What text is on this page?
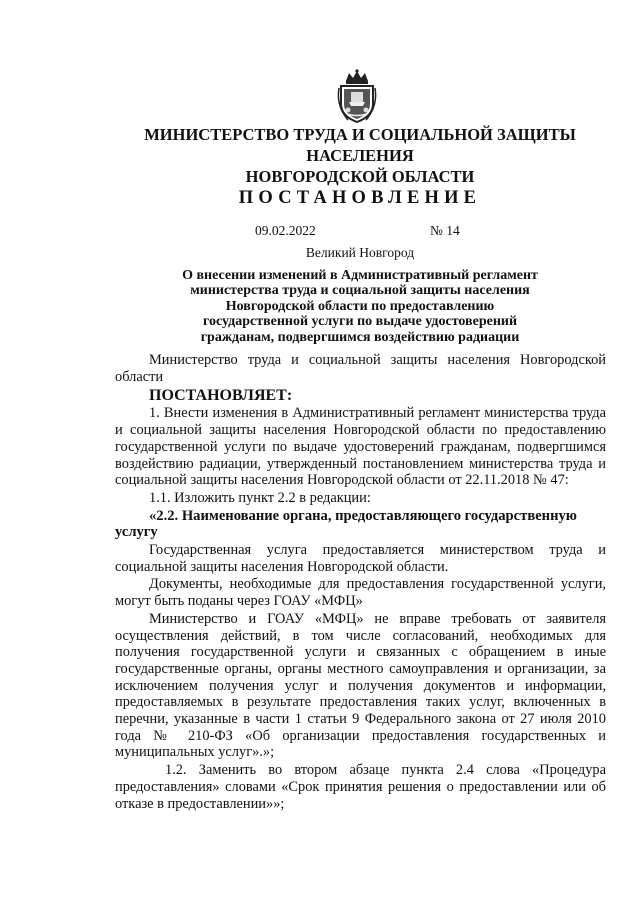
МИНИСТЕРСТВО ТРУДА И СОЦИАЛЬНОЙ ЗАЩИТЫ НАСЕЛЕНИЯ
НОВГОРОДСКОЙ ОБЛАСТИ
ПОСТАНОВЛЕНИЕ
09.02.2022	№ 14
Великий Новгород
О внесении изменений в Административный регламент
министерства труда и социальной защиты населения
Новгородской области по предоставлению
государственной услуги по выдаче удостоверений
гражданам, подвергшимся воздействию радиации

Министерство труда и социальной защиты населения Новгородской области

ПОСТАНОВЛЯЕТ:

1. Внести изменения в Административный регламент министерства труда и социальной защиты населения Новгородской области по предоставлению государственной услуги по выдаче удостоверений гражданам, подвергшимся воздействию радиации, утвержденный постановлением министерства труда и социальной защиты населения Новгородской области от 22.11.2018 № 47:

1.1. Изложить пункт 2.2 в редакции:

«2.2. Наименование органа, предоставляющего государственную услугу

Государственная услуга предоставляется министерством труда и социальной защиты населения Новгородской области.

Документы, необходимые для предоставления государственной услуги, могут быть поданы через ГОАУ «МФЦ»

Министерство и ГОАУ «МФЦ» не вправе требовать от заявителя осуществления действий, в том числе согласований, необходимых для получения государственной услуги и связанных с обращением в иные государственные органы, органы местного самоуправления и организации, за исключением получения услуг и получения документов и информации, предоставляемых в результате предоставления таких услуг, включенных в перечни, указанные в части 1 статьи 9 Федерального закона от 27 июля 2010 года № 210-ФЗ «Об организации предоставления государственных и муниципальных услуг».»;

1.2. Заменить во втором абзаце пункта 2.4 слова «Процедура предоставления» словами «Срок принятия решения о предоставлении или об отказе в предоставлении»»;
